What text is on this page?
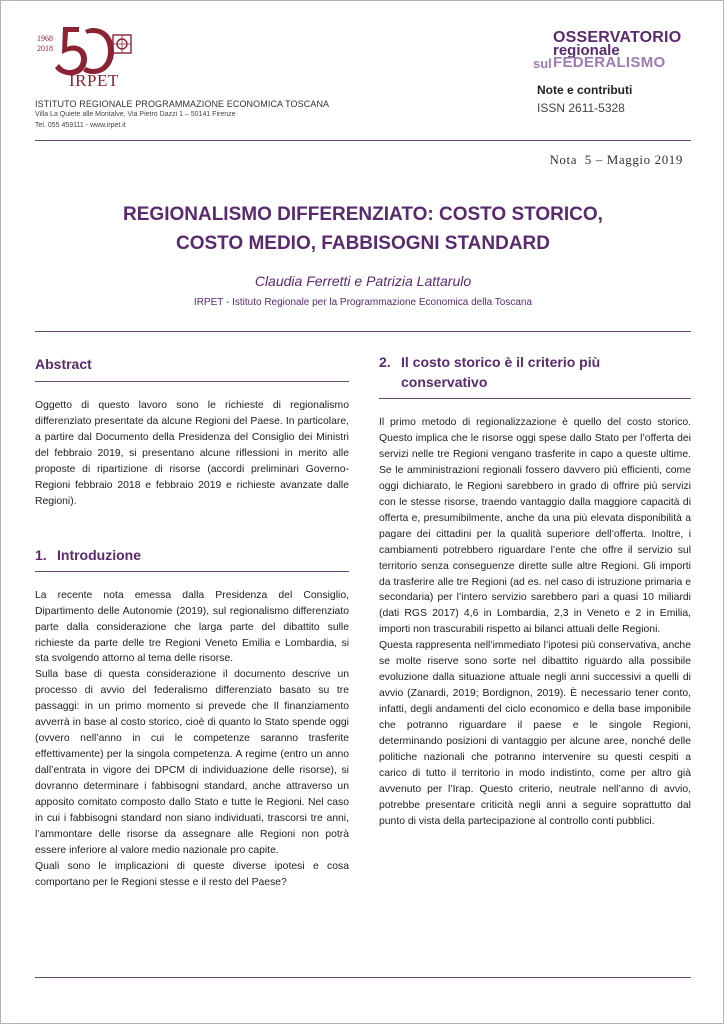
1968
2018
IRPET
ISTITUTO REGIONALE PROGRAMMAZIONE ECONOMICA TOSCANA
Villa La Quiete alle Montalve, Via Pietro Dazzi 1 – 50141 Firenze
Tel. 055 459111 - www.irpet.it
OSSERVATORIO
regionale
sul FEDERALISMO
Note e contributi
ISSN 2611-5328
Nota  5 – Maggio 2019
REGIONALISMO DIFFERENZIATO: COSTO STORICO,
COSTO MEDIO, FABBISOGNI STANDARD
Claudia Ferretti e Patrizia Lattarulo
IRPET - Istituto Regionale per la Programmazione Economica della Toscana
Abstract

Oggetto di questo lavoro sono le richieste di regionalismo differenziato presentate da alcune Regioni del Paese. In particolare, a partire dal Documento della Presidenza del Consiglio dei Ministri del febbraio 2019, si presentano alcune riflessioni in merito alle proposte di ripartizione di risorse (accordi preliminari Governo-Regioni febbraio 2018 e febbraio 2019 e richieste avanzate dalle Regioni).

1. Introduzione

La recente nota emessa dalla Presidenza del Consiglio, Dipartimento delle Autonomie (2019), sul regionalismo differenziato parte dalla considerazione che larga parte del dibattito sulle richieste da parte delle tre Regioni Veneto Emilia e Lombardia, si sta svolgendo attorno al tema delle risorse.

Sulla base di questa considerazione il documento descrive un processo di avvio del federalismo differenziato basato su tre passaggi: in un primo momento si prevede che Il finanziamento avverrà in base al costo storico, cioè di quanto lo Stato spende oggi (ovvero nell’anno in cui le competenze saranno trasferite effettivamente) per la singola competenza. A regime (entro un anno dall’entrata in vigore dei DPCM di individuazione delle risorse), si dovranno determinare i fabbisogni standard, anche attraverso un apposito comitato composto dallo Stato e tutte le Regioni. Nel caso in cui i fabbisogni standard non siano individuati, trascorsi tre anni, l’ammontare delle risorse da assegnare alle Regioni non potrà essere inferiore al valore medio nazionale pro capite.

Quali sono le implicazioni di queste diverse ipotesi e cosa comportano per le Regioni stesse e il resto del Paese?

2. Il costo storico è il criterio più
conservativo

Il primo metodo di regionalizzazione è quello del costo storico. Questo implica che le risorse oggi spese dallo Stato per l’offerta dei servizi nelle tre Regioni vengano trasferite in capo a queste ultime. Se le amministrazioni regionali fossero davvero più efficienti, come oggi dichiarato, le Regioni sarebbero in grado di offrire più servizi con le stesse risorse, traendo vantaggio dalla maggiore capacità di offerta e, presumibilmente, anche da una più elevata disponibilità a pagare dei cittadini per la qualità superiore dell’offerta. Inoltre, i cambiamenti potrebbero riguardare l’ente che offre il servizio sul territorio senza conseguenze dirette sulle altre Regioni. Gli importi da trasferire alle tre Regioni (ad es. nel caso di istruzione primaria e secondaria) per l’intero servizio sarebbero pari a quasi 10 miliardi (dati RGS 2017) 4,6 in Lombardia, 2,3 in Veneto e 2 in Emilia, importi non trascurabili rispetto ai bilanci attuali delle Regioni.

Questa rappresenta nell’immediato l’ipotesi più conservativa, anche se molte riserve sono sorte nel dibattito riguardo alla possibile evoluzione dalla situazione attuale negli anni successivi a quelli di avvio (Zanardi, 2019; Bordignon, 2019). È necessario tener conto, infatti, degli andamenti del ciclo economico e della base imponibile che potranno riguardare il paese e le singole Regioni, determinando posizioni di vantaggio per alcune aree, nonché delle politiche nazionali che potranno intervenire su questi cespiti a carico di tutto il territorio in modo indistinto, come per altro già avvenuto per l’Irap. Questo criterio, neutrale nell’anno di avvio, potrebbe presentare criticità negli anni a seguire soprattutto dal punto di vista della partecipazione al controllo conti pubblici.
